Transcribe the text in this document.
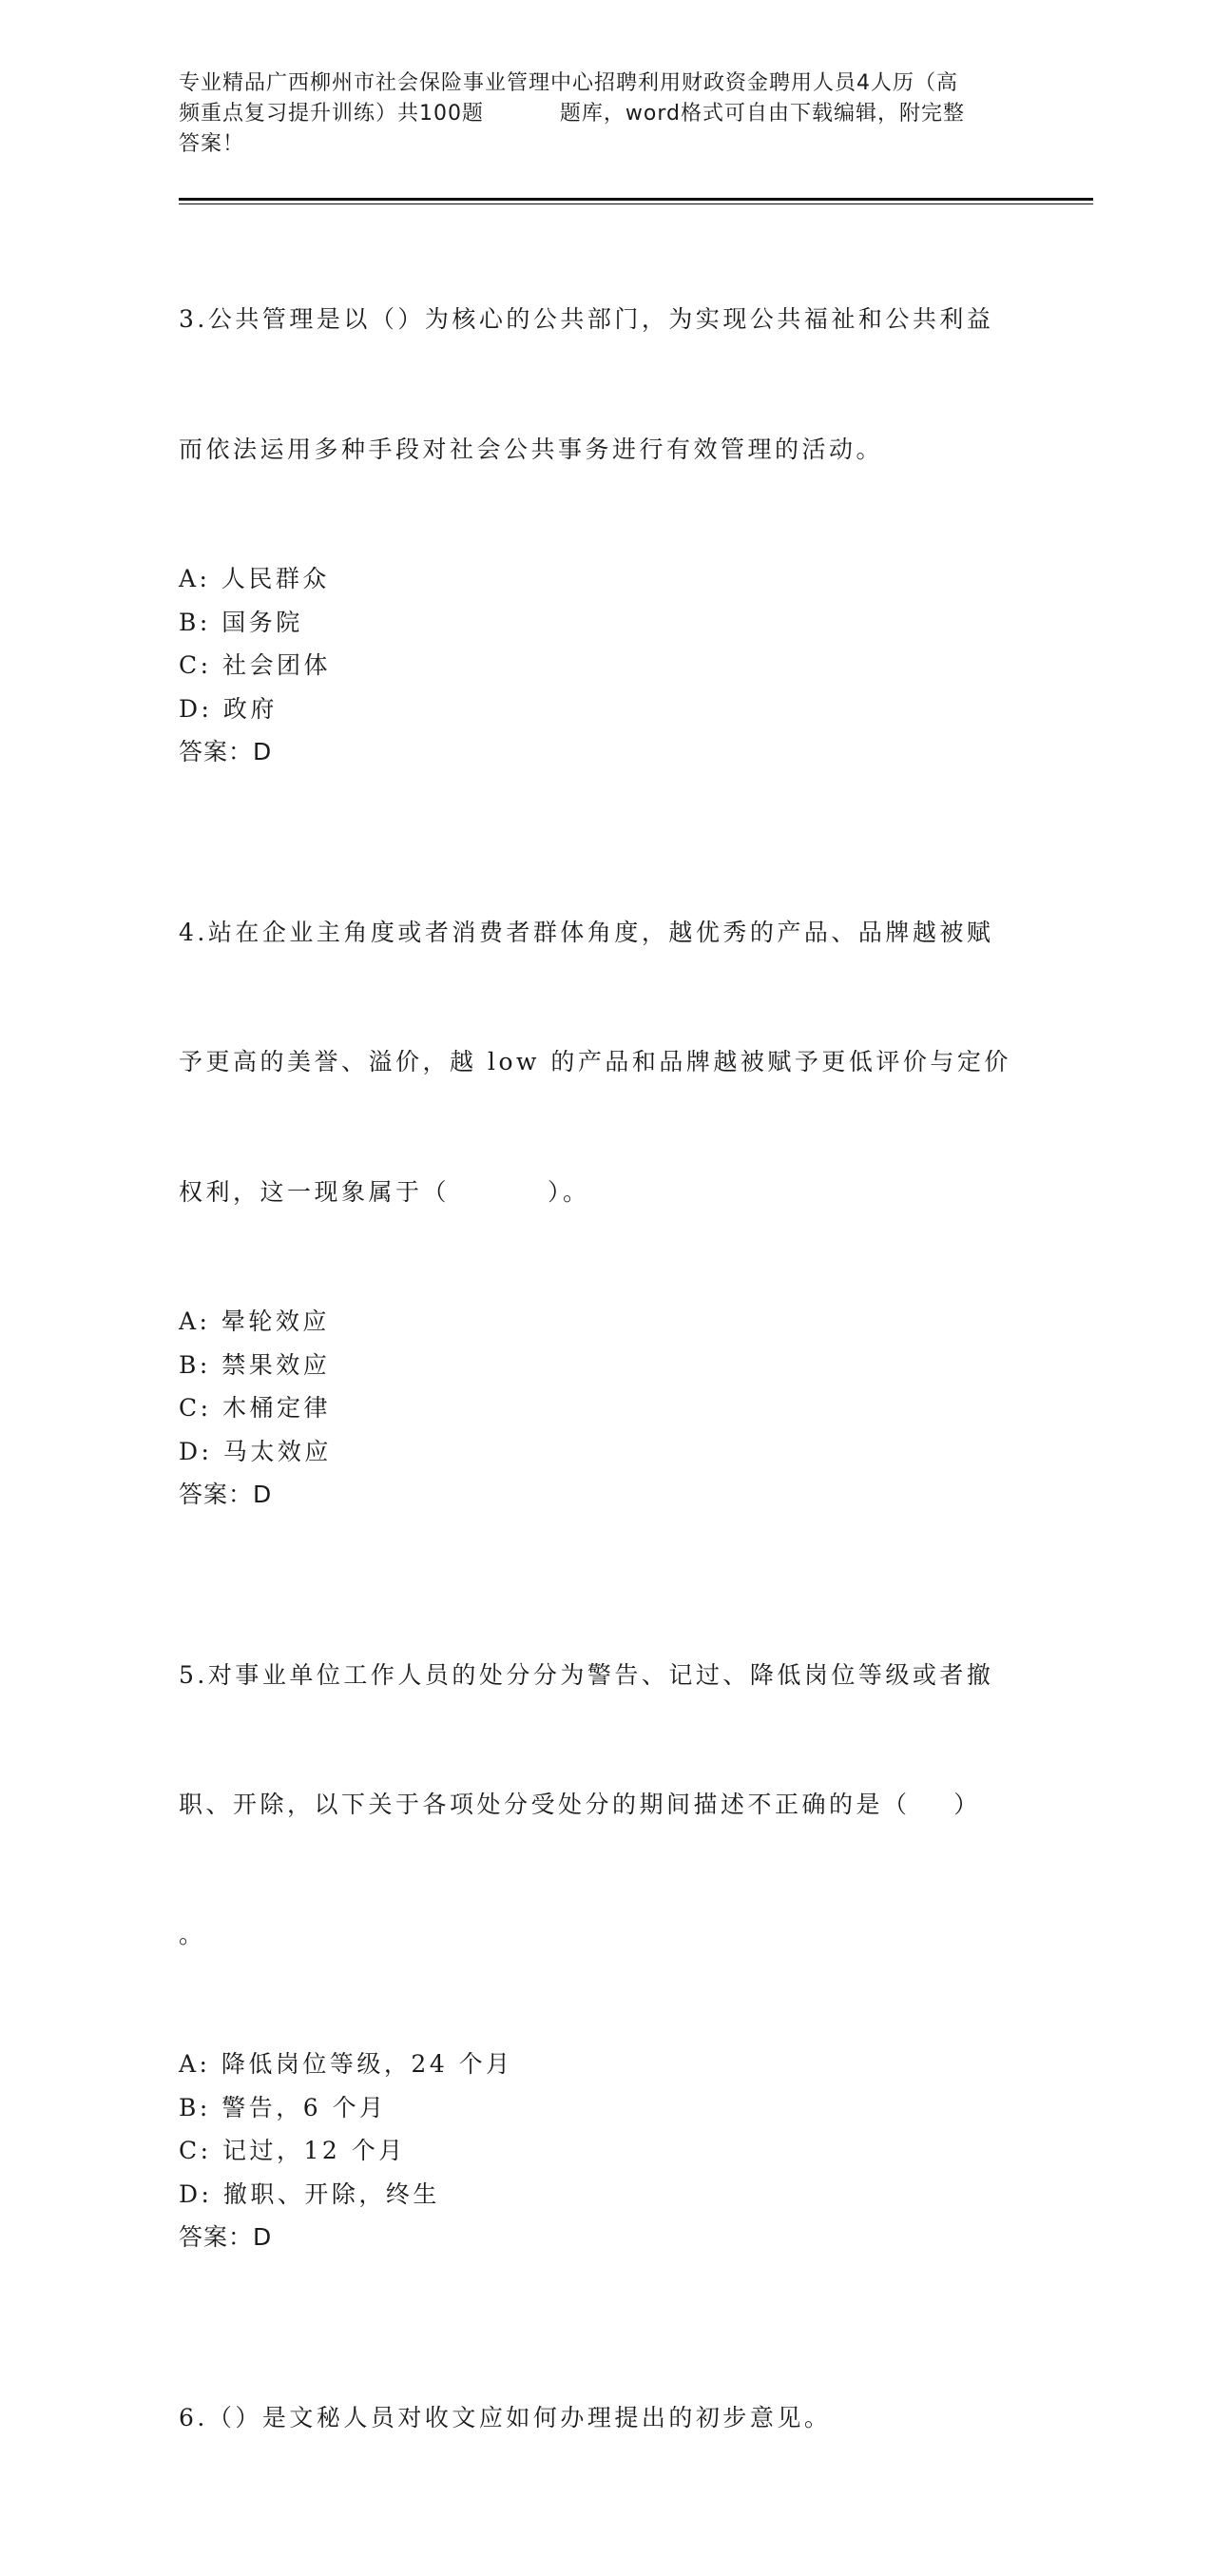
专业精品广西柳州市社会保险事业管理中心招聘利用财政资金聘用人员4人历（高
频重点复习提升训练）共100题          题库，word格式可自由下载编辑，附完整
答案！

3.公共管理是以（）为核心的公共部门，为实现公共福祉和公共利益

而依法运用多种手段对社会公共事务进行有效管理的活动。

A: 人民群众
B: 国务院
C: 社会团体
D: 政府
答案：D

4.站在企业主角度或者消费者群体角度，越优秀的产品、品牌越被赋

予更高的美誉、溢价，越 low 的产品和品牌越被赋予更低评价与定价

权利，这一现象属于（         ）。

A: 晕轮效应
B: 禁果效应
C: 木桶定律
D: 马太效应
答案：D

5.对事业单位工作人员的处分分为警告、记过、降低岗位等级或者撤

职、开除，以下关于各项处分受处分的期间描述不正确的是（    ）

。

A: 降低岗位等级，24 个月
B: 警告，6 个月
C: 记过，12 个月
D: 撤职、开除，终生
答案：D

6.（）是文秘人员对收文应如何办理提出的初步意见。
